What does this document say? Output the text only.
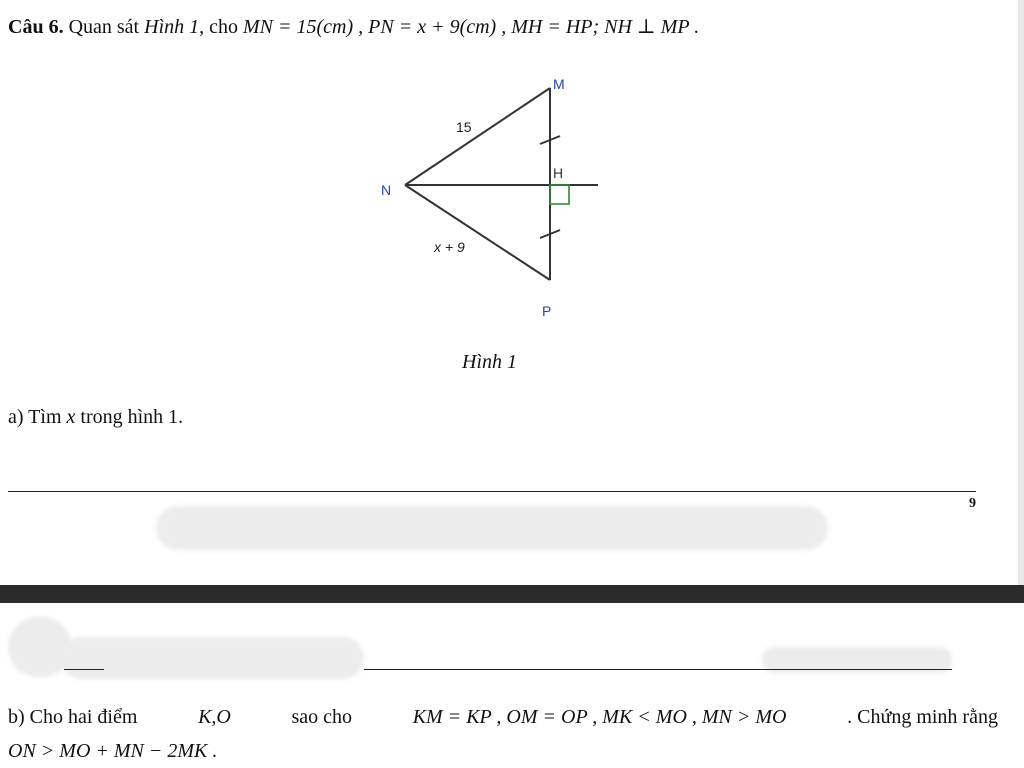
Câu 6. Quan sát Hình 1, cho MN = 15(cm) , PN = x + 9(cm) , MH = HP; NH ⊥ MP .
M
N
P
H
15
x + 9
Hình 1
a) Tìm x trong hình 1.
9
b) Cho hai điểm	K,O	sao cho	KM = KP , OM = OP , MK < MO , MN > MO	. Chứng minh rằng
ON > MO + MN − 2MK .
